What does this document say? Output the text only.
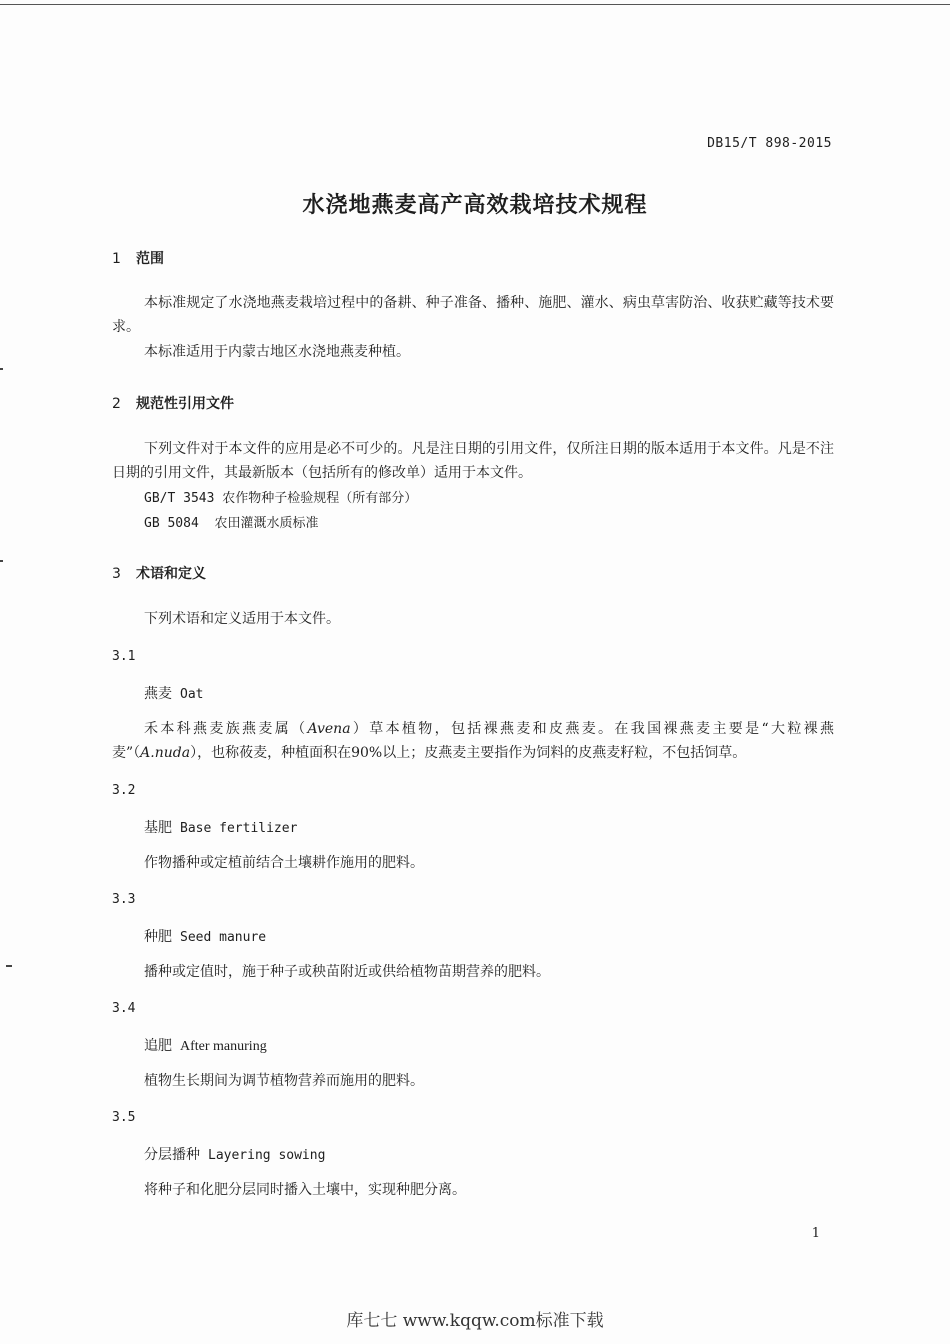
DB15/T 898-2015

水浇地燕麦高产高效栽培技术规程

1 范围

本标准规定了水浇地燕麦栽培过程中的备耕、种子准备、播种、施肥、灌水、病虫草害防治、收获贮藏等技术要求。

本标准适用于内蒙古地区水浇地燕麦种植。

2 规范性引用文件

下列文件对于本文件的应用是必不可少的。凡是注日期的引用文件，仅所注日期的版本适用于本文件。凡是不注日期的引用文件，其最新版本（包括所有的修改单）适用于本文件。

GB/T 3543 农作物种子检验规程（所有部分）

GB 5084  农田灌溉水质标准

3 术语和定义

下列术语和定义适用于本文件。

3.1

燕麦 Oat

禾本科燕麦族燕麦属（Avena）草本植物，包括裸燕麦和皮燕麦。在我国裸燕麦主要是“大粒裸燕麦”（A.nuda），也称莜麦，种植面积在90%以上；皮燕麦主要指作为饲料的皮燕麦籽粒，不包括饲草。

3.2

基肥 Base fertilizer

作物播种或定植前结合土壤耕作施用的肥料。

3.3

种肥 Seed manure

播种或定值时，施于种子或秧苗附近或供给植物苗期营养的肥料。

3.4

追肥 After manuring

植物生长期间为调节植物营养而施用的肥料。

3.5

分层播种 Layering sowing

将种子和化肥分层同时播入土壤中，实现种肥分离。

1

库七七 www.kqqw.com标准下载
